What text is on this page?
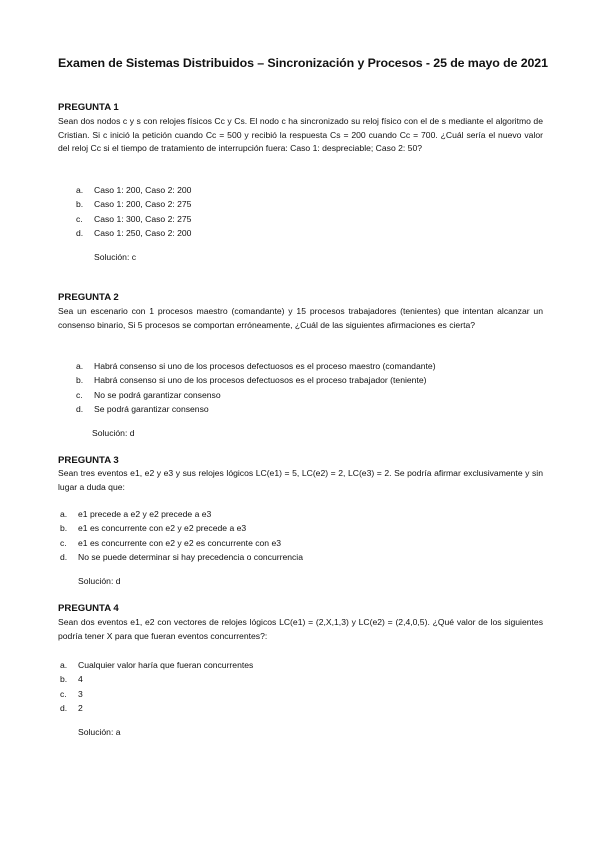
Examen de Sistemas Distribuidos – Sincronización y Procesos - 25 de mayo de 2021
PREGUNTA 1
Sean dos nodos c y s con relojes físicos Cc y Cs. El nodo c ha sincronizado su reloj físico con el de s mediante el algoritmo de Cristian. Si c inició la petición cuando Cc = 500 y recibió la respuesta Cs = 200 cuando Cc = 700. ¿Cuál sería el nuevo valor del reloj Cc si el tiempo de tratamiento de interrupción fuera: Caso 1: despreciable; Caso 2: 50?
a. Caso 1: 200, Caso 2: 200
b. Caso 1: 200, Caso 2: 275
c. Caso 1: 300, Caso 2: 275
d. Caso 1: 250, Caso 2: 200
Solución: c
PREGUNTA 2
Sea un escenario con 1 procesos maestro (comandante) y 15 procesos trabajadores (tenientes) que intentan alcanzar un consenso binario, Si 5 procesos se comportan erróneamente, ¿Cuál de las siguientes afirmaciones es cierta?
a. Habrá consenso si uno de los procesos defectuosos es el proceso maestro (comandante)
b. Habrá consenso si uno de los procesos defectuosos es el proceso trabajador (teniente)
c. No se podrá garantizar consenso
d. Se podrá garantizar consenso
Solución: d
PREGUNTA 3
Sean tres eventos e1, e2 y e3 y sus relojes lógicos LC(e1) = 5, LC(e2) = 2, LC(e3) = 2. Se podría afirmar exclusivamente y sin lugar a duda que:
a. e1 precede a e2 y e2 precede a e3
b. e1 es concurrente con e2 y e2 precede a e3
c. e1 es concurrente con e2 y e2 es concurrente con e3
d. No se puede determinar si hay precedencia o concurrencia
Solución: d
PREGUNTA 4
Sean dos eventos e1, e2 con vectores de relojes lógicos LC(e1) = (2,X,1,3) y LC(e2) = (2,4,0,5). ¿Qué valor de los siguientes podría tener X para que fueran eventos concurrentes?:
a. Cualquier valor haría que fueran concurrentes
b. 4
c. 3
d. 2
Solución: a
